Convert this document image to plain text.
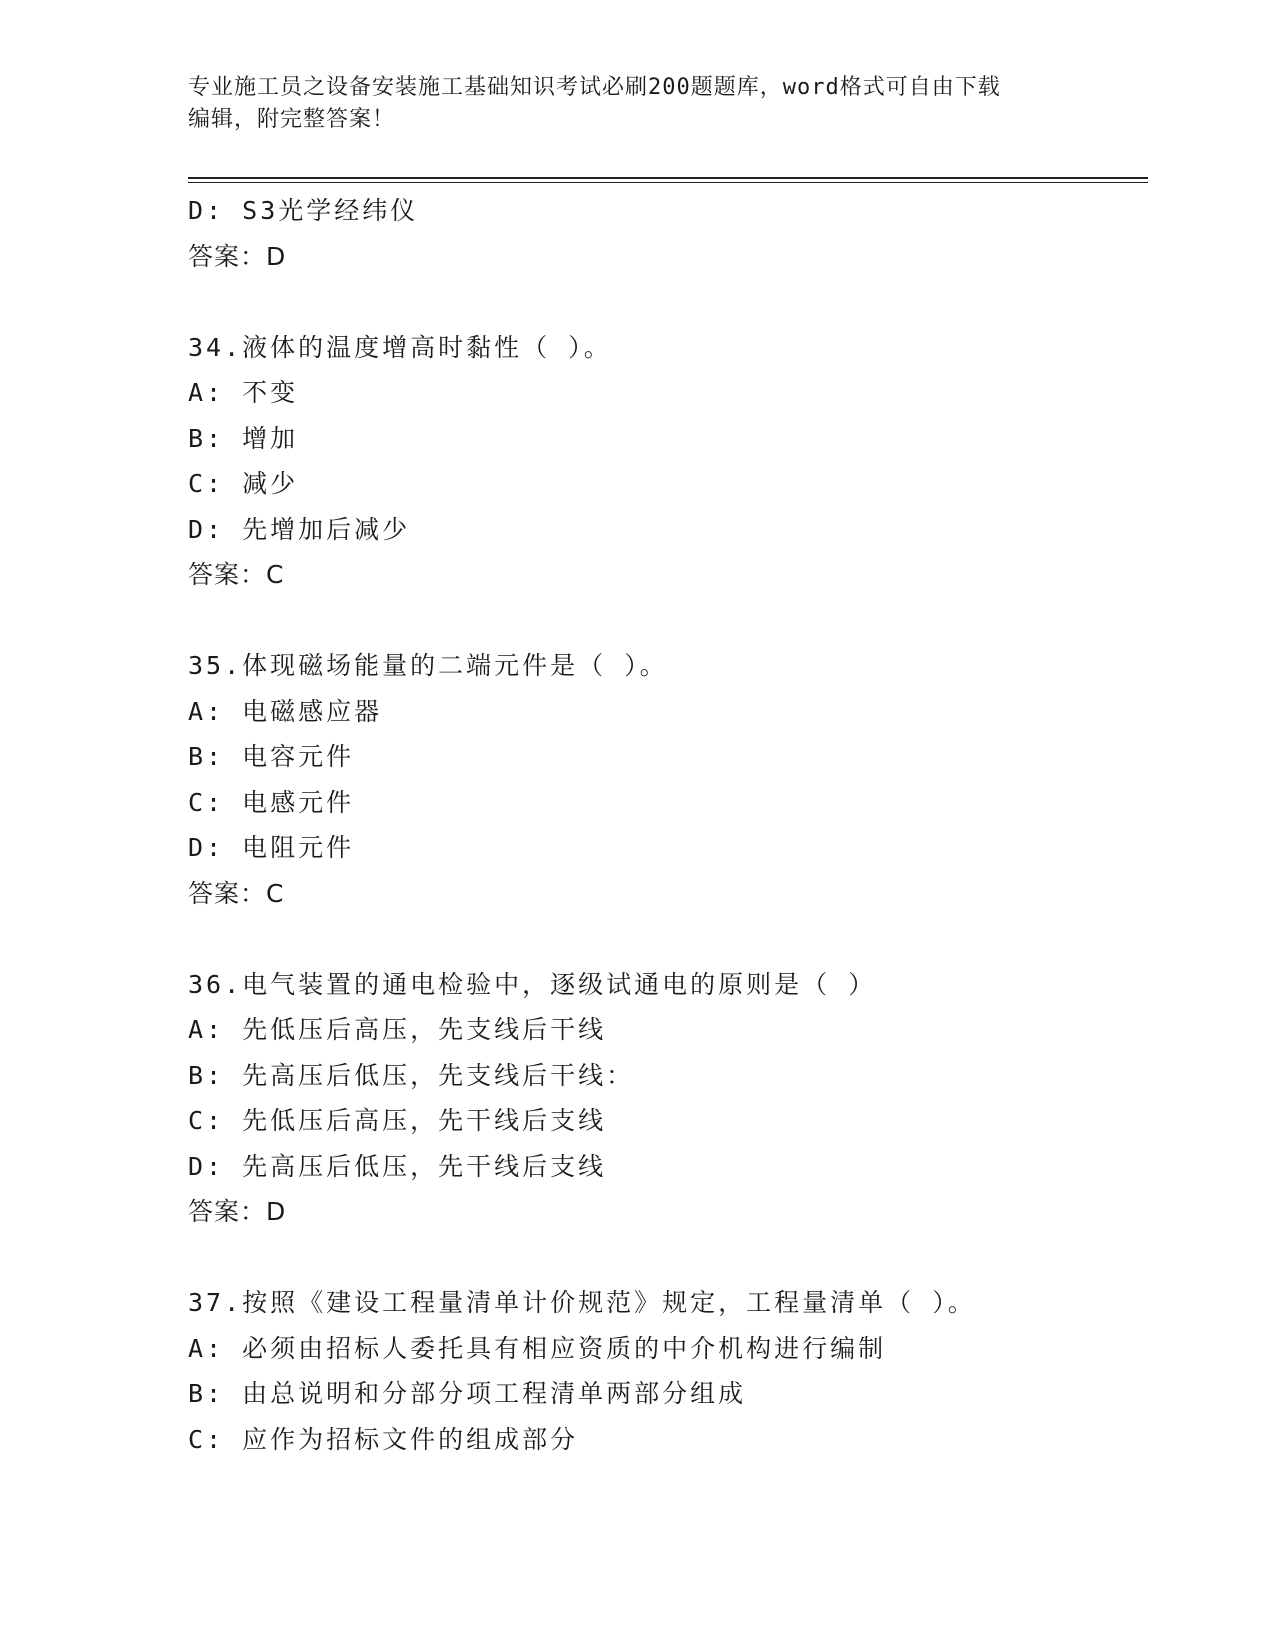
专业施工员之设备安装施工基础知识考试必刷200题题库，word格式可自由下载
编辑，附完整答案！
D: S3光学经纬仪
答案：D
34.液体的温度增高时黏性（ ）。
A: 不变
B: 增加
C: 减少
D: 先增加后减少
答案：C
35.体现磁场能量的二端元件是（ ）。
A: 电磁感应器
B: 电容元件
C: 电感元件
D: 电阻元件
答案：C
36.电气装置的通电检验中，逐级试通电的原则是（ ）
A: 先低压后高压，先支线后干线
B: 先高压后低压，先支线后干线：
C: 先低压后高压，先干线后支线
D: 先高压后低压，先干线后支线
答案：D
37.按照《建设工程量清单计价规范》规定，工程量清单（ ）。
A: 必须由招标人委托具有相应资质的中介机构进行编制
B: 由总说明和分部分项工程清单两部分组成
C: 应作为招标文件的组成部分
